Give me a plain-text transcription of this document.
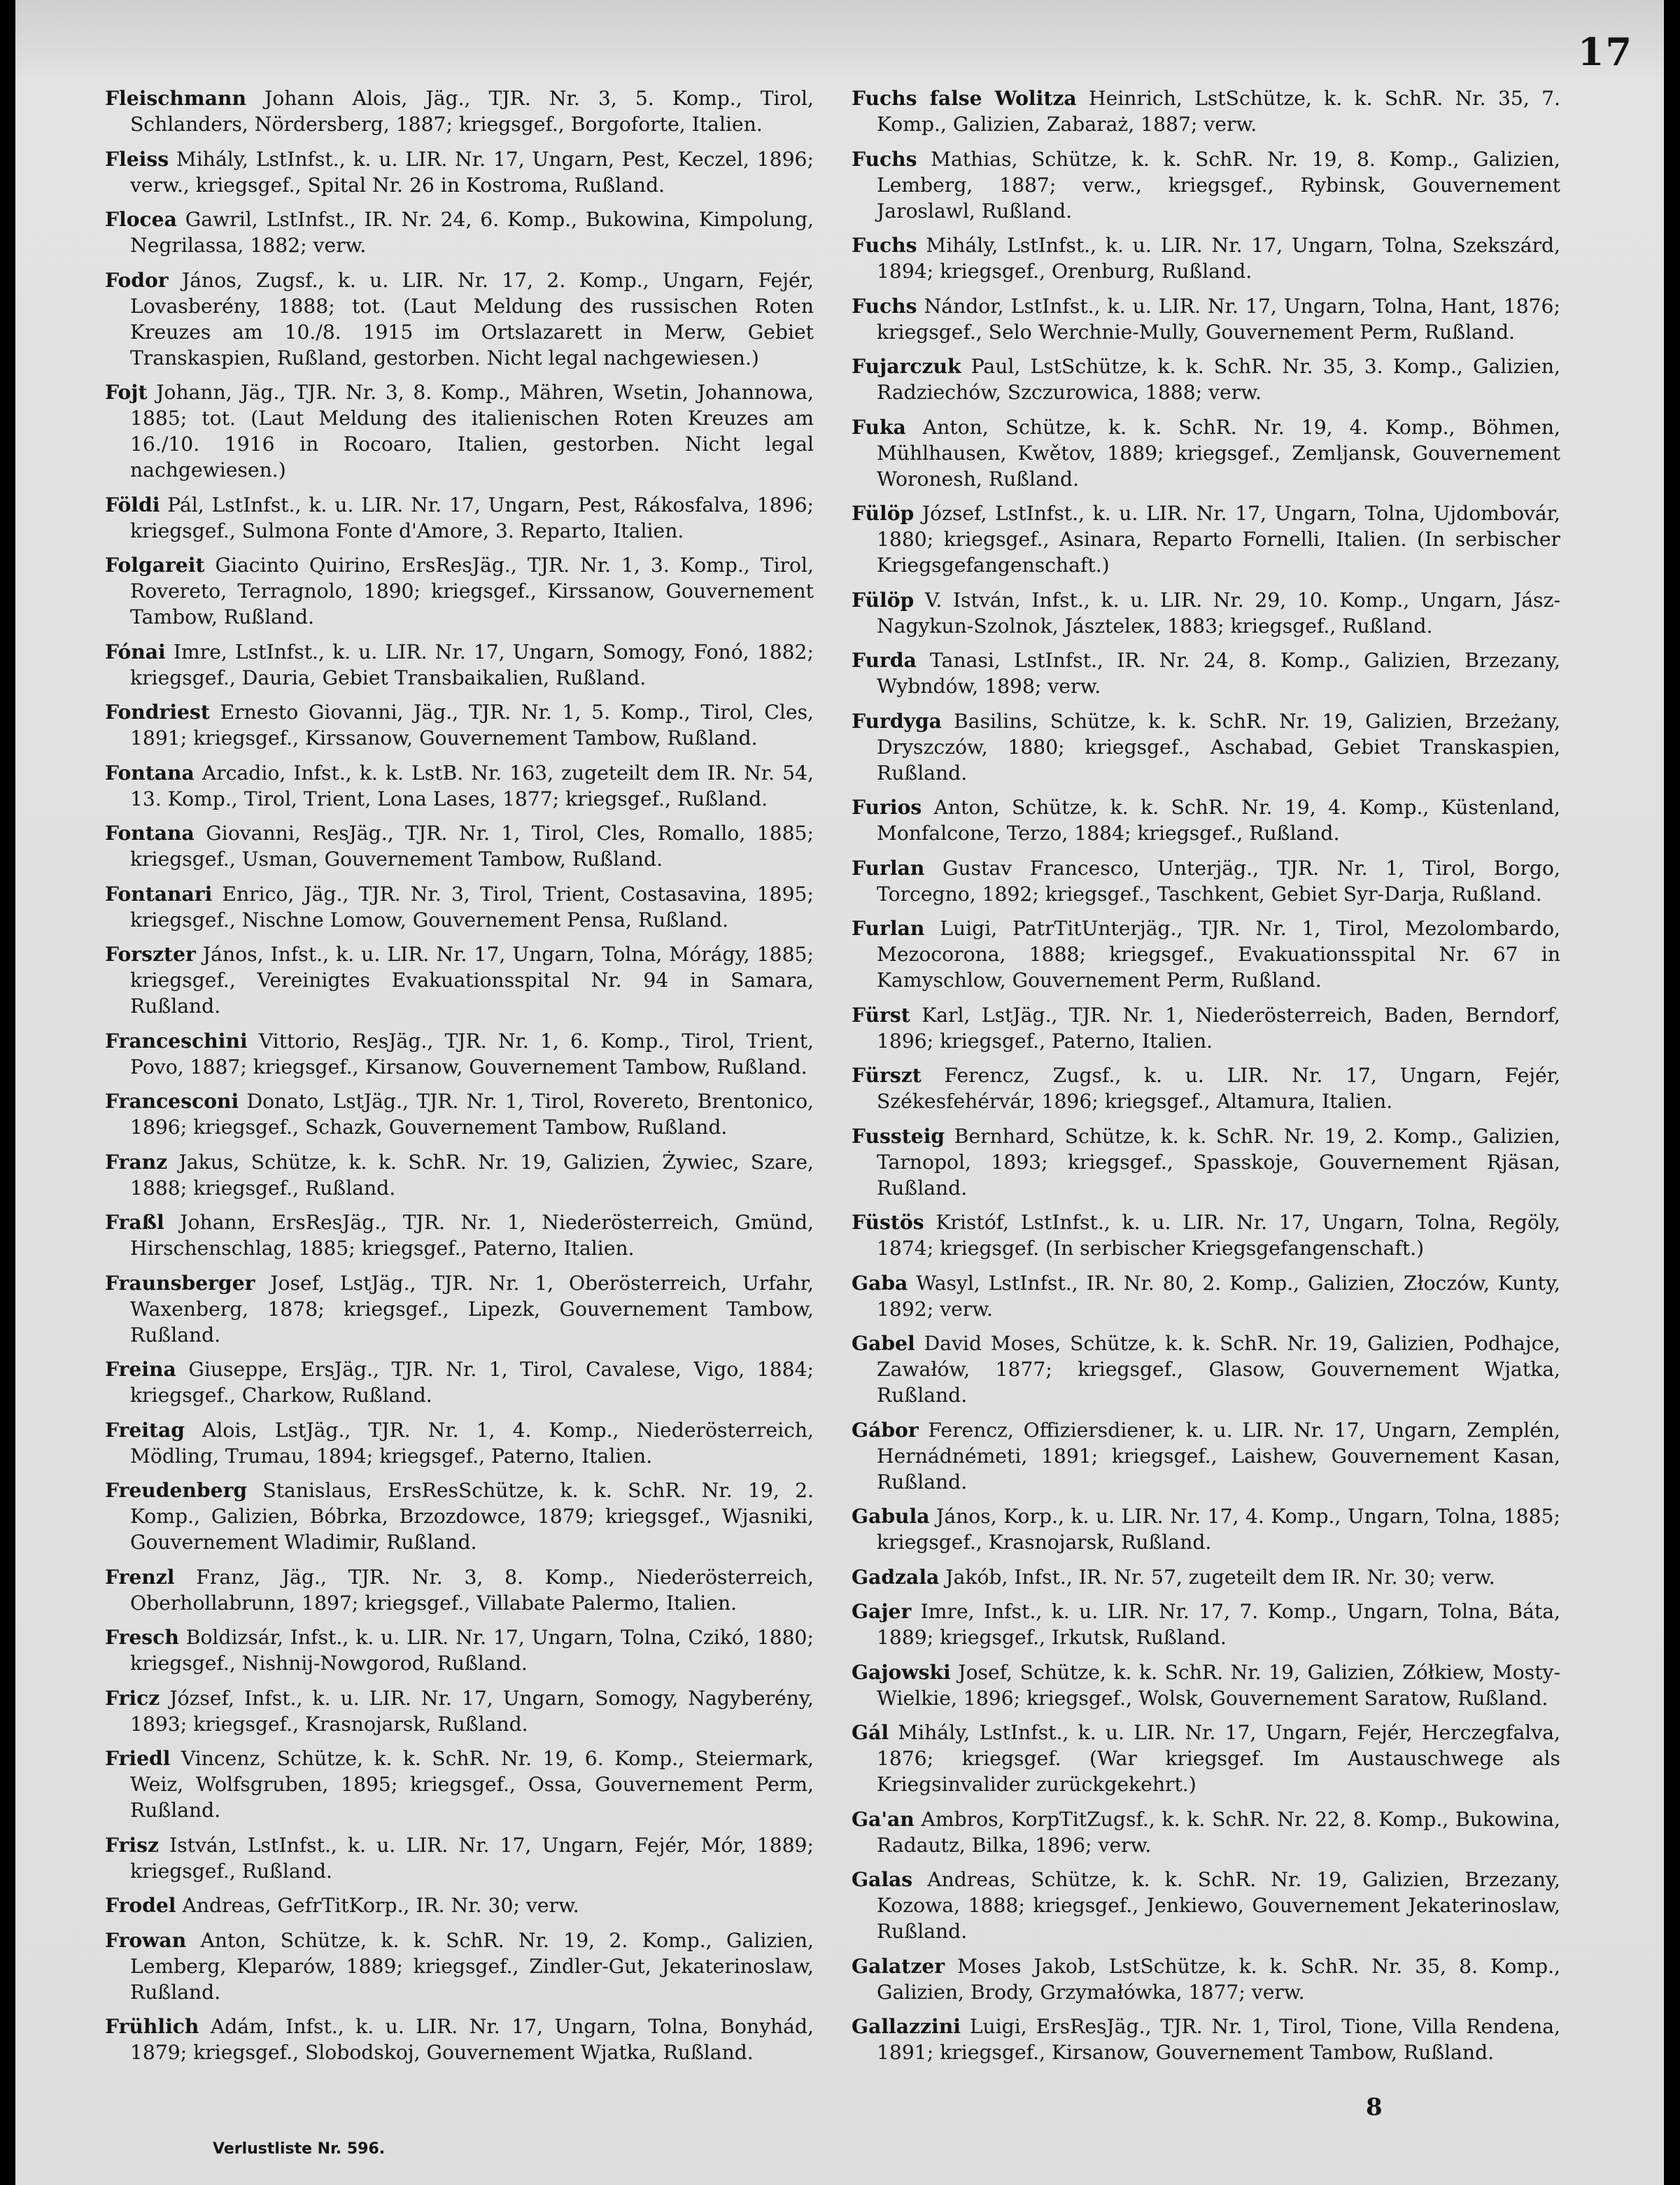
17

Fleischmann Johann Alois, Jäg., TJR. Nr. 3, 5. Komp., Tirol, Schlanders, Nördersberg, 1887; kriegsgef., Borgoforte, Italien.

Fleiss Mihály, LstInfst., k. u. LIR. Nr. 17, Ungarn, Pest, Keczel, 1896; verw., kriegsgef., Spital Nr. 26 in Kostroma, Rußland.

Flocea Gawril, LstInfst., IR. Nr. 24, 6. Komp., Bukowina, Kimpolung, Negrilassa, 1882; verw.

Fodor János, Zugsf., k. u. LIR. Nr. 17, 2. Komp., Ungarn, Fejér, Lovasberény, 1888; tot. (Laut Meldung des russischen Roten Kreuzes am 10./8. 1915 im Ortslazarett in Merw, Gebiet Transkaspien, Rußland, gestorben. Nicht legal nachgewiesen.)

Fojt Johann, Jäg., TJR. Nr. 3, 8. Komp., Mähren, Wsetin, Johannowa, 1885; tot. (Laut Meldung des italienischen Roten Kreuzes am 16./10. 1916 in Rocoaro, Italien, gestorben. Nicht legal nachgewiesen.)

Földi Pál, LstInfst., k. u. LIR. Nr. 17, Ungarn, Pest, Rákosfalva, 1896; kriegsgef., Sulmona Fonte d'Amore, 3. Reparto, Italien.

Folgareit Giacinto Quirino, ErsResJäg., TJR. Nr. 1, 3. Komp., Tirol, Rovereto, Terragnolo, 1890; kriegsgef., Kirssanow, Gouvernement Tambow, Rußland.

Fónai Imre, LstInfst., k. u. LIR. Nr. 17, Ungarn, Somogy, Fonó, 1882; kriegsgef., Dauria, Gebiet Transbaikalien, Rußland.

Fondriest Ernesto Giovanni, Jäg., TJR. Nr. 1, 5. Komp., Tirol, Cles, 1891; kriegsgef., Kirssanow, Gouvernement Tambow, Rußland.

Fontana Arcadio, Infst., k. k. LstB. Nr. 163, zugeteilt dem IR. Nr. 54, 13. Komp., Tirol, Trient, Lona Lases, 1877; kriegsgef., Rußland.

Fontana Giovanni, ResJäg., TJR. Nr. 1, Tirol, Cles, Romallo, 1885; kriegsgef., Usman, Gouvernement Tambow, Rußland.

Fontanari Enrico, Jäg., TJR. Nr. 3, Tirol, Trient, Costasavina, 1895; kriegsgef., Nischne Lomow, Gouvernement Pensa, Rußland.

Forszter János, Infst., k. u. LIR. Nr. 17, Ungarn, Tolna, Mórágy, 1885; kriegsgef., Vereinigtes Evakuationsspital Nr. 94 in Samara, Rußland.

Franceschini Vittorio, ResJäg., TJR. Nr. 1, 6. Komp., Tirol, Trient, Povo, 1887; kriegsgef., Kirsanow, Gouvernement Tambow, Rußland.

Francesconi Donato, LstJäg., TJR. Nr. 1, Tirol, Rovereto, Brentonico, 1896; kriegsgef., Schazk, Gouvernement Tambow, Rußland.

Franz Jakus, Schütze, k. k. SchR. Nr. 19, Galizien, Żywiec, Szare, 1888; kriegsgef., Rußland.

Fraßl Johann, ErsResJäg., TJR. Nr. 1, Niederösterreich, Gmünd, Hirschenschlag, 1885; kriegsgef., Paterno, Italien.

Fraunsberger Josef, LstJäg., TJR. Nr. 1, Oberösterreich, Urfahr, Waxenberg, 1878; kriegsgef., Lipezk, Gouvernement Tambow, Rußland.

Freina Giuseppe, ErsJäg., TJR. Nr. 1, Tirol, Cavalese, Vigo, 1884; kriegsgef., Charkow, Rußland.

Freitag Alois, LstJäg., TJR. Nr. 1, 4. Komp., Niederösterreich, Mödling, Trumau, 1894; kriegsgef., Paterno, Italien.

Freudenberg Stanislaus, ErsResSchütze, k. k. SchR. Nr. 19, 2. Komp., Galizien, Bóbrka, Brzozdowce, 1879; kriegsgef., Wjasniki, Gouvernement Wladimir, Rußland.

Frenzl Franz, Jäg., TJR. Nr. 3, 8. Komp., Niederösterreich, Oberhollabrunn, 1897; kriegsgef., Villabate Palermo, Italien.

Fresch Boldizsár, Infst., k. u. LIR. Nr. 17, Ungarn, Tolna, Czikó, 1880; kriegsgef., Nishnij-Nowgorod, Rußland.

Fricz József, Infst., k. u. LIR. Nr. 17, Ungarn, Somogy, Nagyberény, 1893; kriegsgef., Krasnojarsk, Rußland.

Friedl Vincenz, Schütze, k. k. SchR. Nr. 19, 6. Komp., Steiermark, Weiz, Wolfsgruben, 1895; kriegsgef., Ossa, Gouvernement Perm, Rußland.

Frisz István, LstInfst., k. u. LIR. Nr. 17, Ungarn, Fejér, Mór, 1889; kriegsgef., Rußland.

Frodel Andreas, GefrTitKorp., IR. Nr. 30; verw.

Frowan Anton, Schütze, k. k. SchR. Nr. 19, 2. Komp., Galizien, Lemberg, Kleparów, 1889; kriegsgef., Zindler-Gut, Jekaterinoslaw, Rußland.

Frühlich Adám, Infst., k. u. LIR. Nr. 17, Ungarn, Tolna, Bonyhád, 1879; kriegsgef., Slobodskoj, Gouvernement Wjatka, Rußland.

Fuchs false Wolitza Heinrich, LstSchütze, k. k. SchR. Nr. 35, 7. Komp., Galizien, Zabaraż, 1887; verw.

Fuchs Mathias, Schütze, k. k. SchR. Nr. 19, 8. Komp., Galizien, Lemberg, 1887; verw., kriegsgef., Rybinsk, Gouvernement Jaroslawl, Rußland.

Fuchs Mihály, LstInfst., k. u. LIR. Nr. 17, Ungarn, Tolna, Szekszárd, 1894; kriegsgef., Orenburg, Rußland.

Fuchs Nándor, LstInfst., k. u. LIR. Nr. 17, Ungarn, Tolna, Hant, 1876; kriegsgef., Selo Werchnie-Mully, Gouvernement Perm, Rußland.

Fujarczuk Paul, LstSchütze, k. k. SchR. Nr. 35, 3. Komp., Galizien, Radziechów, Szczurowica, 1888; verw.

Fuka Anton, Schütze, k. k. SchR. Nr. 19, 4. Komp., Böhmen, Mühlhausen, Kwětov, 1889; kriegsgef., Zemljansk, Gouvernement Woronesh, Rußland.

Fülöp József, LstInfst., k. u. LIR. Nr. 17, Ungarn, Tolna, Ujdombovár, 1880; kriegsgef., Asinara, Reparto Fornelli, Italien. (In serbischer Kriegsgefangenschaft.)

Fülöp V. István, Infst., k. u. LIR. Nr. 29, 10. Komp., Ungarn, Jász-Nagykun-Szolnok, Jászteleк, 1883; kriegsgef., Rußland.

Furda Tanasi, LstInfst., IR. Nr. 24, 8. Komp., Galizien, Brzezany, Wybndów, 1898; verw.

Furdyga Basilins, Schütze, k. k. SchR. Nr. 19, Galizien, Brzeżany, Dryszczów, 1880; kriegsgef., Aschabad, Gebiet Transkaspien, Rußland.

Furios Anton, Schütze, k. k. SchR. Nr. 19, 4. Komp., Küstenland, Monfalcone, Terzo, 1884; kriegsgef., Rußland.

Furlan Gustav Francesco, Unterjäg., TJR. Nr. 1, Tirol, Borgo, Torcegno, 1892; kriegsgef., Taschkent, Gebiet Syr-Darja, Rußland.

Furlan Luigi, PatrTitUnterjäg., TJR. Nr. 1, Tirol, Mezolombardo, Mezocorona, 1888; kriegsgef., Evakuationsspital Nr. 67 in Kamyschlow, Gouvernement Perm, Rußland.

Fürst Karl, LstJäg., TJR. Nr. 1, Niederösterreich, Baden, Berndorf, 1896; kriegsgef., Paterno, Italien.

Fürszt Ferencz, Zugsf., k. u. LIR. Nr. 17, Ungarn, Fejér, Székesfehérvár, 1896; kriegsgef., Altamura, Italien.

Fussteig Bernhard, Schütze, k. k. SchR. Nr. 19, 2. Komp., Galizien, Tarnopol, 1893; kriegsgef., Spasskoje, Gouvernement Rjäsan, Rußland.

Füstös Kristóf, LstInfst., k. u. LIR. Nr. 17, Ungarn, Tolna, Regöly, 1874; kriegsgef. (In serbischer Kriegsgefangenschaft.)

Gaba Wasyl, LstInfst., IR. Nr. 80, 2. Komp., Galizien, Złoczów, Kunty, 1892; verw.

Gabel David Moses, Schütze, k. k. SchR. Nr. 19, Galizien, Podhajce, Zawałów, 1877; kriegsgef., Glasow, Gouvernement Wjatka, Rußland.

Gábor Ferencz, Offiziersdiener, k. u. LIR. Nr. 17, Ungarn, Zemplén, Hernádnémeti, 1891; kriegsgef., Laishew, Gouvernement Kasan, Rußland.

Gabula János, Korp., k. u. LIR. Nr. 17, 4. Komp., Ungarn, Tolna, 1885; kriegsgef., Krasnojarsk, Rußland.

Gadzala Jakób, Infst., IR. Nr. 57, zugeteilt dem IR. Nr. 30; verw.

Gajer Imre, Infst., k. u. LIR. Nr. 17, 7. Komp., Ungarn, Tolna, Báta, 1889; kriegsgef., Irkutsk, Rußland.

Gajowski Josef, Schütze, k. k. SchR. Nr. 19, Galizien, Zółkiew, Mosty-Wielkie, 1896; kriegsgef., Wolsk, Gouvernement Saratow, Rußland.

Gál Mihály, LstInfst., k. u. LIR. Nr. 17, Ungarn, Fejér, Herczegfalva, 1876; kriegsgef. (War kriegsgef. Im Austauschwege als Kriegsinvalider zurückgekehrt.)

Ga'an Ambros, KorpTitZugsf., k. k. SchR. Nr. 22, 8. Komp., Bukowina, Radautz, Bilka, 1896; verw.

Galas Andreas, Schütze, k. k. SchR. Nr. 19, Galizien, Brzezany, Kozowa, 1888; kriegsgef., Jenkiewo, Gouvernement Jekaterinoslaw, Rußland.

Galatzer Moses Jakob, LstSchütze, k. k. SchR. Nr. 35, 8. Komp., Galizien, Brody, Grzymałówka, 1877; verw.

Gallazzini Luigi, ErsResJäg., TJR. Nr. 1, Tirol, Tione, Villa Rendena, 1891; kriegsgef., Kirsanow, Gouvernement Tambow, Rußland.

Verlustliste Nr. 596.
8
